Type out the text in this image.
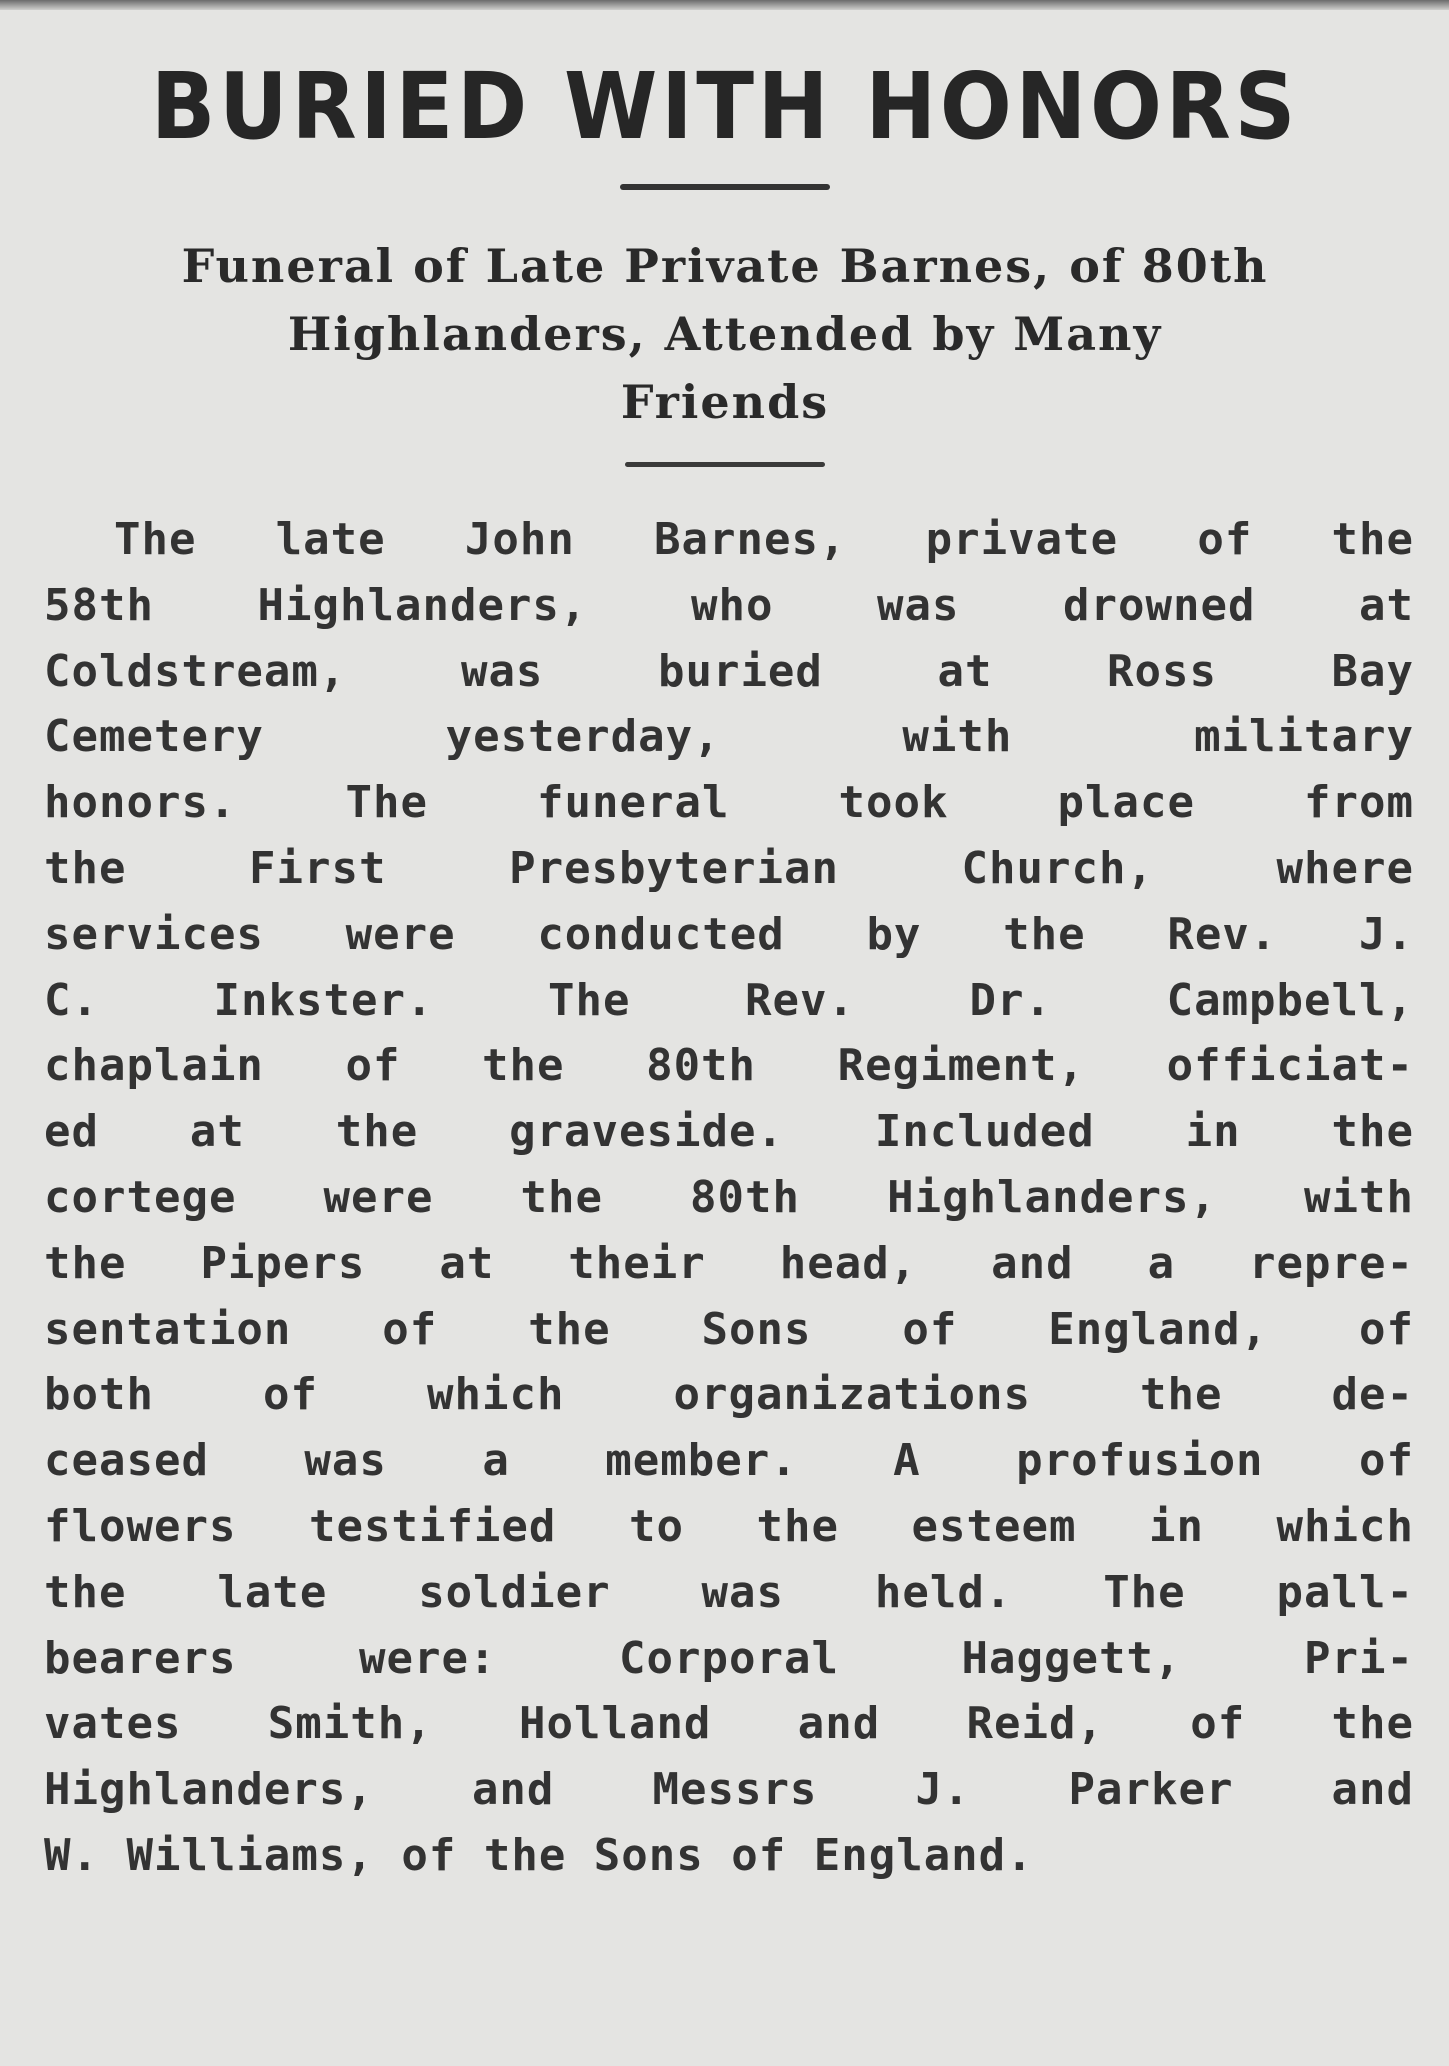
BURIED WITH HONORS
Funeral of Late Private Barnes, of 80th
Highlanders, Attended by Many
Friends
The late John Barnes, private of the
58th Highlanders, who was drowned at
Coldstream, was buried at Ross Bay
Cemetery yesterday, with military
honors. The funeral took place from
the First Presbyterian Church, where
services were conducted by the Rev. J.
C. Inkster. The Rev. Dr. Campbell,
chaplain of the 80th Regiment, officiat-
ed at the graveside. Included in the
cortege were the 80th Highlanders, with
the Pipers at their head, and a repre-
sentation of the Sons of England, of
both of which organizations the de-
ceased was a member. A profusion of
flowers testified to the esteem in which
the late soldier was held. The pall-
bearers were: Corporal Haggett, Pri-
vates Smith, Holland and Reid, of the
Highlanders, and Messrs J. Parker and
W. Williams, of the Sons of England.
